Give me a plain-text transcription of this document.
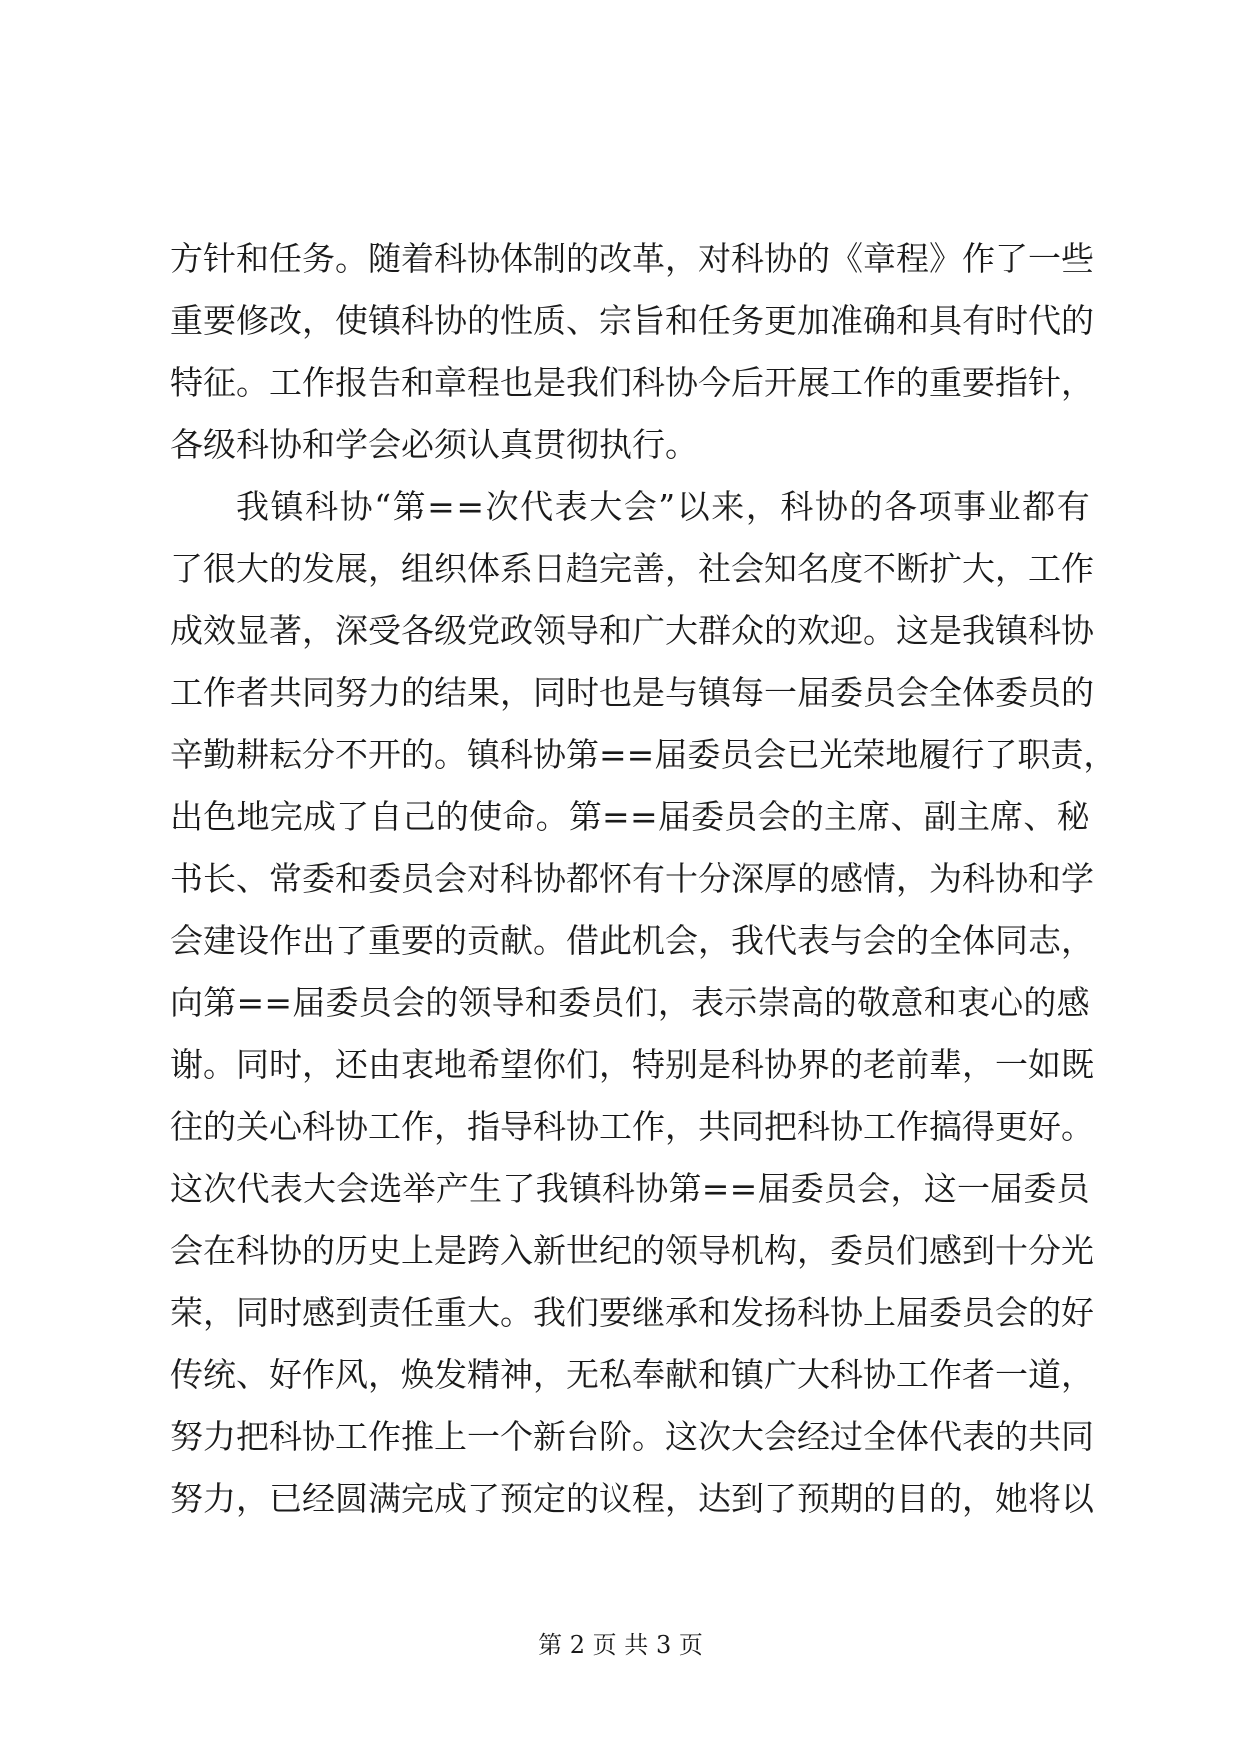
方 针 和 任 务 。 随 着 科 协 体 制 的 改 革 ， 对 科 协 的 《 章 程 》 作 了 一 些
重 要 修 改 ， 使 镇 科 协 的 性 质 、 宗 旨 和 任 务 更 加 准 确 和 具 有 时 代 的
特 征 。 工 作 报 告 和 章 程 也 是 我 们 科 协 今 后 开 展 工 作 的 重 要 指 针 ，
各 级 科 协 和 学 会 必 须 认 真 贯 彻 执 行 。
我 镇 科 协 “ 第 = = 次 代 表 大 会 ” 以 来 ， 科 协 的 各 项 事 业 都 有
了 很 大 的 发 展 ， 组 织 体 系 日 趋 完 善 ， 社 会 知 名 度 不 断 扩 大 ， 工 作
成 效 显 著 ， 深 受 各 级 党 政 领 导 和 广 大 群 众 的 欢 迎 。 这 是 我 镇 科 协
工 作 者 共 同 努 力 的 结 果 ， 同 时 也 是 与 镇 每 一 届 委 员 会 全 体 委 员 的
辛 勤 耕 耘 分 不 开 的 。 镇 科 协 第 = = 届 委 员 会 已 光 荣 地 履 行 了 职 责 ，
出 色 地 完 成 了 自 己 的 使 命 。 第 = = 届 委 员 会 的 主 席 、 副 主 席 、 秘
书 长 、 常 委 和 委 员 会 对 科 协 都 怀 有 十 分 深 厚 的 感 情 ， 为 科 协 和 学
会 建 设 作 出 了 重 要 的 贡 献 。 借 此 机 会 ， 我 代 表 与 会 的 全 体 同 志 ，
向 第 = = 届 委 员 会 的 领 导 和 委 员 们 ， 表 示 崇 高 的 敬 意 和 衷 心 的 感
谢 。 同 时 ， 还 由 衷 地 希 望 你 们 ， 特 别 是 科 协 界 的 老 前 辈 ， 一 如 既
往 的 关 心 科 协 工 作 ， 指 导 科 协 工 作 ， 共 同 把 科 协 工 作 搞 得 更 好 。
这 次 代 表 大 会 选 举 产 生 了 我 镇 科 协 第 = = 届 委 员 会 ， 这 一 届 委 员
会 在 科 协 的 历 史 上 是 跨 入 新 世 纪 的 领 导 机 构 ， 委 员 们 感 到 十 分 光
荣 ， 同 时 感 到 责 任 重 大 。 我 们 要 继 承 和 发 扬 科 协 上 届 委 员 会 的 好
传 统 、 好 作 风 ， 焕 发 精 神 ， 无 私 奉 献 和 镇 广 大 科 协 工 作 者 一 道 ，
努 力 把 科 协 工 作 推 上 一 个 新 台 阶 。 这 次 大 会 经 过 全 体 代 表 的 共 同
努 力 ， 已 经 圆 满 完 成 了 预 定 的 议 程 ， 达 到 了 预 期 的 目 的 ， 她 将 以
第 2 页 共 3 页
